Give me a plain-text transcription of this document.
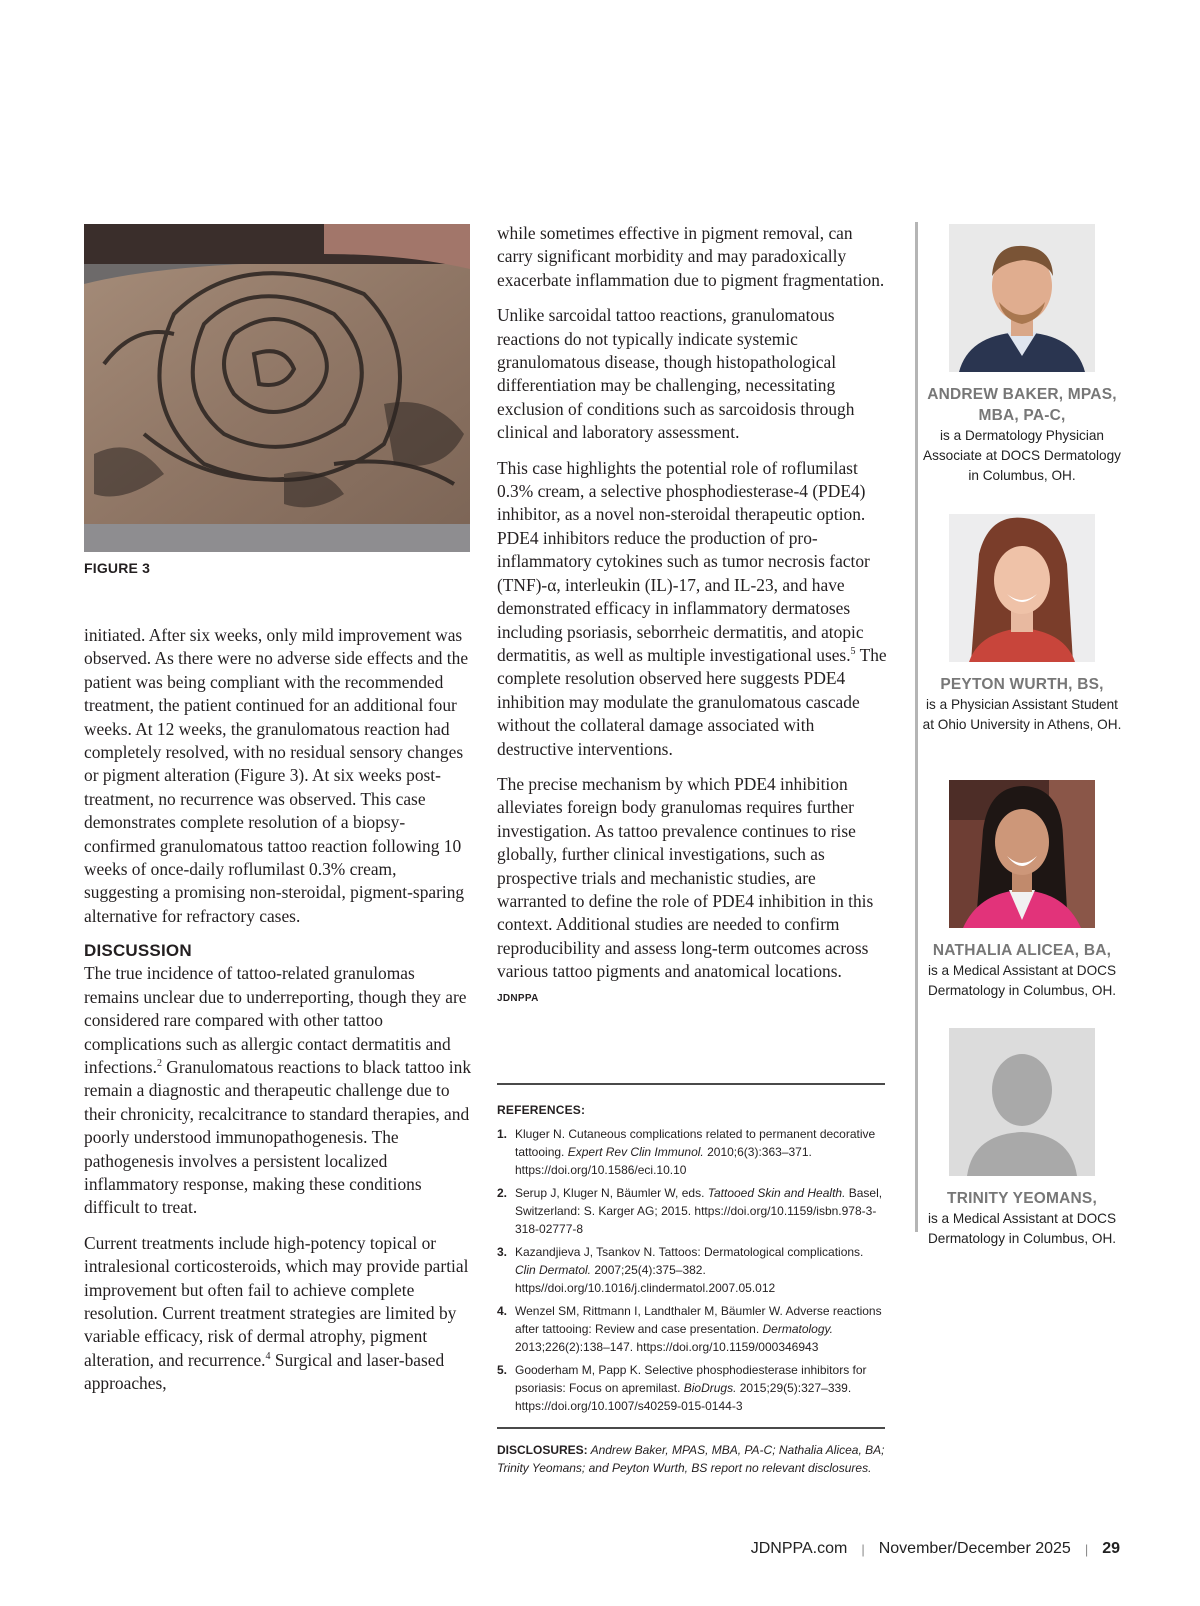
FIGURE 3

initiated. After six weeks, only mild improvement was observed. As there were no adverse side effects and the patient was being compliant with the recommended treatment, the patient continued for an additional four weeks. At 12 weeks, the granulomatous reaction had completely resolved, with no residual sensory changes or pigment alteration (Figure 3). At six weeks post-treatment, no recurrence was observed. This case demonstrates complete resolution of a biopsy-confirmed granulomatous tattoo reaction following 10 weeks of once-daily roflumilast 0.3% cream, suggesting a promising non-steroidal, pigment-sparing alternative for refractory cases.

DISCUSSION

The true incidence of tattoo-related granulomas remains unclear due to underreporting, though they are considered rare compared with other tattoo complications such as allergic contact dermatitis and infections.$^2$ Granulomatous reactions to black tattoo ink remain a diagnostic and therapeutic challenge due to their chronicity, recalcitrance to standard therapies, and poorly understood immunopathogenesis. The pathogenesis involves a persistent localized inflammatory response, making these conditions difficult to treat.

Current treatments include high-potency topical or intralesional corticosteroids, which may provide partial improvement but often fail to achieve complete resolution. Current treatment strategies are limited by variable efficacy, risk of dermal atrophy, pigment alteration, and recurrence.$^4$ Surgical and laser-based approaches,

while sometimes effective in pigment removal, can carry significant morbidity and may paradoxically exacerbate inflammation due to pigment fragmentation.

Unlike sarcoidal tattoo reactions, granulomatous reactions do not typically indicate systemic granulomatous disease, though histopathological differentiation may be challenging, necessitating exclusion of conditions such as sarcoidosis through clinical and laboratory assessment.

This case highlights the potential role of roflumilast 0.3% cream, a selective phosphodiesterase-4 (PDE4) inhibitor, as a novel non-steroidal therapeutic option. PDE4 inhibitors reduce the production of pro-inflammatory cytokines such as tumor necrosis factor (TNF)-α, interleukin (IL)-17, and IL-23, and have demonstrated efficacy in inflammatory dermatoses including psoriasis, seborrheic dermatitis, and atopic dermatitis, as well as multiple investigational uses.$^5$ The complete resolution observed here suggests PDE4 inhibition may modulate the granulomatous cascade without the collateral damage associated with destructive interventions.

The precise mechanism by which PDE4 inhibition alleviates foreign body granulomas requires further investigation. As tattoo prevalence continues to rise globally, further clinical investigations, such as prospective trials and mechanistic studies, are warranted to define the role of PDE4 inhibition in this context. Additional studies are needed to confirm reproducibility and assess long-term outcomes across various tattoo pigments and anatomical locations. JDNPPA

REFERENCES:
1. Kluger N. Cutaneous complications related to permanent decorative tattooing. Expert Rev Clin Immunol. 2010;6(3):363–371. https://doi.org/10.1586/eci.10.10
2. Serup J, Kluger N, Bäumler W, eds. Tattooed Skin and Health. Basel, Switzerland: S. Karger AG; 2015. https://doi.org/10.1159/isbn.978-3-318-02777-8
3. Kazandjieva J, Tsankov N. Tattoos: Dermatological complications. Clin Dermatol. 2007;25(4):375–382. https//doi.org/10.1016/j.clindermatol.2007.05.012
4. Wenzel SM, Rittmann I, Landthaler M, Bäumler W. Adverse reactions after tattooing: Review and case presentation. Dermatology. 2013;226(2):138–147. https://doi.org/10.1159/000346943
5. Gooderham M, Papp K. Selective phosphodiesterase inhibitors for psoriasis: Focus on apremilast. BioDrugs. 2015;29(5):327–339. https://doi.org/10.1007/s40259-015-0144-3
DISCLOSURES: Andrew Baker, MPAS, MBA, PA-C; Nathalia Alicea, BA; Trinity Yeomans; and Peyton Wurth, BS report no relevant disclosures.
ANDREW BAKER, MPAS, MBA, PA-C,
is a Dermatology Physician Associate at DOCS Dermatology in Columbus, OH.
PEYTON WURTH, BS,
is a Physician Assistant Student at Ohio University in Athens, OH.
NATHALIA ALICEA, BA,
is a Medical Assistant at DOCS Dermatology in Columbus, OH.
TRINITY YEOMANS,
is a Medical Assistant at DOCS Dermatology in Columbus, OH.
JDNPPA.com | November/December 2025 | 29
